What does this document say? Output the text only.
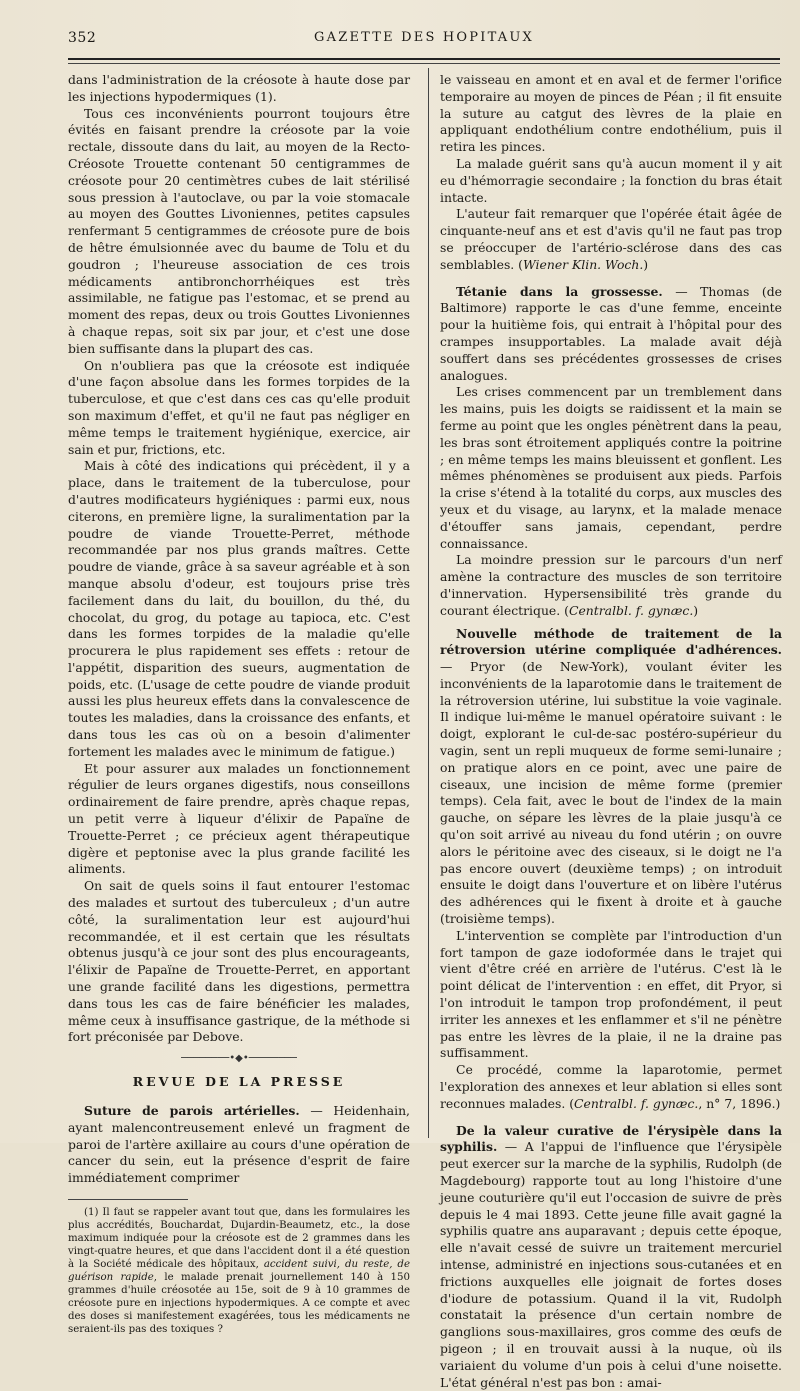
352	GAZETTE DES HOPITAUX

dans l'administration de la créosote à haute dose par les injections hypodermiques (1).

Tous ces inconvénients pourront toujours être évités en faisant prendre la créosote par la voie rectale, dissoute dans du lait, au moyen de la Recto-Créosote Trouette contenant 50 centigrammes de créosote pour 20 centimètres cubes de lait stérilisé sous pression à l'autoclave, ou par la voie stomacale au moyen des Gouttes Livoniennes, petites capsules renfermant 5 centigrammes de créosote pure de bois de hêtre émulsionnée avec du baume de Tolu et du goudron ; l'heureuse association de ces trois médicaments antibronchorrhéiques est très assimilable, ne fatigue pas l'estomac, et se prend au moment des repas, deux ou trois Gouttes Livoniennes à chaque repas, soit six par jour, et c'est une dose bien suffisante dans la plupart des cas.

On n'oubliera pas que la créosote est indiquée d'une façon absolue dans les formes torpides de la tuberculose, et que c'est dans ces cas qu'elle produit son maximum d'effet, et qu'il ne faut pas négliger en même temps le traitement hygiénique, exercice, air sain et pur, frictions, etc.

Mais à côté des indications qui précèdent, il y a place, dans le traitement de la tuberculose, pour d'autres modificateurs hygiéniques : parmi eux, nous citerons, en première ligne, la suralimentation par la poudre de viande Trouette-Perret, méthode recommandée par nos plus grands maîtres. Cette poudre de viande, grâce à sa saveur agréable et à son manque absolu d'odeur, est toujours prise très facilement dans du lait, du bouillon, du thé, du chocolat, du grog, du potage au tapioca, etc. C'est dans les formes torpides de la maladie qu'elle procurera le plus rapidement ses effets : retour de l'appétit, disparition des sueurs, augmentation de poids, etc. (L'usage de cette poudre de viande produit aussi les plus heureux effets dans la convalescence de toutes les maladies, dans la croissance des enfants, et dans tous les cas où on a besoin d'alimenter fortement les malades avec le minimum de fatigue.)

Et pour assurer aux malades un fonctionnement régulier de leurs organes digestifs, nous conseillons ordinairement de faire prendre, après chaque repas, un petit verre à liqueur d'élixir de Papaïne de Trouette-Perret ; ce précieux agent thérapeutique digère et peptonise avec la plus grande facilité les aliments.

On sait de quels soins il faut entourer l'estomac des malades et surtout des tuberculeux ; d'un autre côté, la suralimentation leur est aujourd'hui recommandée, et il est certain que les résultats obtenus jusqu'à ce jour sont des plus encourageants, l'élixir de Papaïne de Trouette-Perret, en apportant une grande facilité dans les digestions, permettra dans tous les cas de faire bénéficier les malades, même ceux à insuffisance gastrique, de la méthode si fort préconisée par Debove.

────────•◆•────────
REVUE DE LA PRESSE

Suture de parois artérielles. — Heidenhain, ayant malencontreusement enlevé un fragment de paroi de l'artère axillaire au cours d'une opération de cancer du sein, eut la présence d'esprit de faire immédiatement comprimer

(1) Il faut se rappeler avant tout que, dans les formulaires les plus accrédités, Bouchardat, Dujardin-Beaumetz, etc., la dose maximum indiquée pour la créosote est de 2 grammes dans les vingt-quatre heures, et que dans l'accident dont il a été question à la Société médicale des hôpitaux, accident suivi, du reste, de guérison rapide, le malade prenait journellement 140 à 150 grammes d'huile créosotée au 15e, soit de 9 à 10 grammes de créosote pure en injections hypodermiques. A ce compte et avec des doses si manifestement exagérées, tous les médicaments ne seraient-ils pas des toxiques ?

le vaisseau en amont et en aval et de fermer l'orifice temporaire au moyen de pinces de Péan ; il fit ensuite la suture au catgut des lèvres de la plaie en appliquant endothélium contre endothélium, puis il retira les pinces.

La malade guérit sans qu'à aucun moment il y ait eu d'hémorragie secondaire ; la fonction du bras était intacte.

L'auteur fait remarquer que l'opérée était âgée de cinquante-neuf ans et est d'avis qu'il ne faut pas trop se préoccuper de l'artério-sclérose dans des cas semblables. (Wiener Klin. Woch.)

Tétanie dans la grossesse. — Thomas (de Baltimore) rapporte le cas d'une femme, enceinte pour la huitième fois, qui entrait à l'hôpital pour des crampes insupportables. La malade avait déjà souffert dans ses précédentes grossesses de crises analogues.

Les crises commencent par un tremblement dans les mains, puis les doigts se raidissent et la main se ferme au point que les ongles pénètrent dans la peau, les bras sont étroitement appliqués contre la poitrine ; en même temps les mains bleuissent et gonflent. Les mêmes phénomènes se produisent aux pieds. Parfois la crise s'étend à la totalité du corps, aux muscles des yeux et du visage, au larynx, et la malade menace d'étouffer sans jamais, cependant, perdre connaissance.

La moindre pression sur le parcours d'un nerf amène la contracture des muscles de son territoire d'innervation. Hypersensibilité très grande du courant électrique. (Centralbl. f. gynæc.)

Nouvelle méthode de traitement de la rétroversion utérine compliquée d'adhérences. — Pryor (de New-York), voulant éviter les inconvénients de la laparotomie dans le traitement de la rétroversion utérine, lui substitue la voie vaginale. Il indique lui-même le manuel opératoire suivant : le doigt, explorant le cul-de-sac postéro-supérieur du vagin, sent un repli muqueux de forme semi-lunaire ; on pratique alors en ce point, avec une paire de ciseaux, une incision de même forme (premier temps). Cela fait, avec le bout de l'index de la main gauche, on sépare les lèvres de la plaie jusqu'à ce qu'on soit arrivé au niveau du fond utérin ; on ouvre alors le péritoine avec des ciseaux, si le doigt ne l'a pas encore ouvert (deuxième temps) ; on introduit ensuite le doigt dans l'ouverture et on libère l'utérus des adhérences qui le fixent à droite et à gauche (troisième temps).

L'intervention se complète par l'introduction d'un fort tampon de gaze iodoformée dans le trajet qui vient d'être créé en arrière de l'utérus. C'est là le point délicat de l'intervention : en effet, dit Pryor, si l'on introduit le tampon trop profondément, il peut irriter les annexes et les enflammer et s'il ne pénètre pas entre les lèvres de la plaie, il ne la draine pas suffisamment.

Ce procédé, comme la laparotomie, permet l'exploration des annexes et leur ablation si elles sont reconnues malades. (Centralbl. f. gynæc., n° 7, 1896.)

De la valeur curative de l'érysipèle dans la syphilis. — A l'appui de l'influence que l'érysipèle peut exercer sur la marche de la syphilis, Rudolph (de Magdebourg) rapporte tout au long l'histoire d'une jeune couturière qu'il eut l'occasion de suivre de près depuis le 4 mai 1893. Cette jeune fille avait gagné la syphilis quatre ans auparavant ; depuis cette époque, elle n'avait cessé de suivre un traitement mercuriel intense, administré en injections sous-cutanées et en frictions auxquelles elle joignait de fortes doses d'iodure de potassium. Quand il la vit, Rudolph constatait la présence d'un certain nombre de ganglions sous-maxillaires, gros comme des œufs de pigeon ; il en trouvait aussi à la nuque, où ils variaient du volume d'un pois à celui d'une noisette. L'état général n'est pas bon : amai-
